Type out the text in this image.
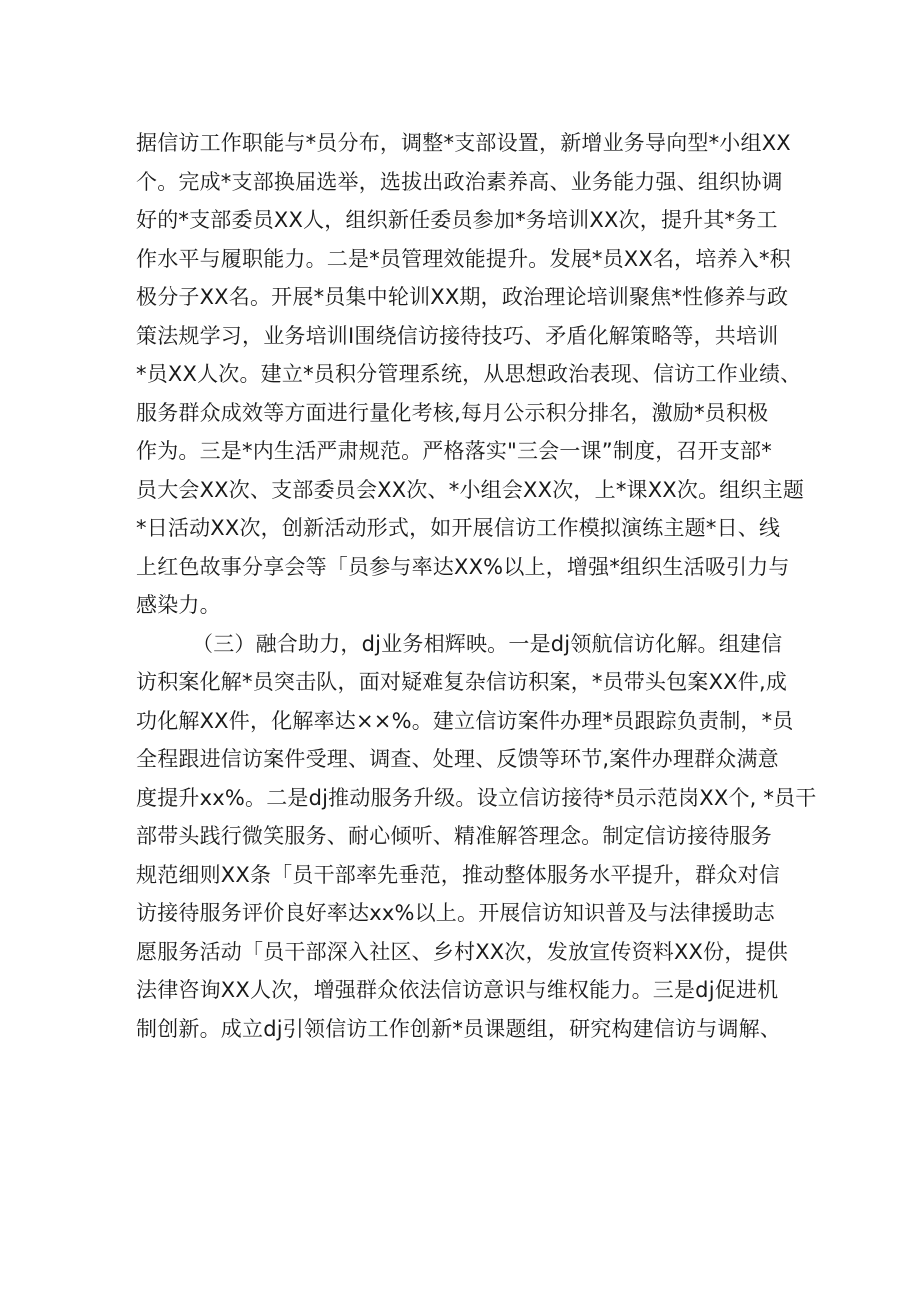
据信访工作职能与*员分布，调整*支部设置，新增业务导向型*小组XX
个。完成*支部换届选举，选拔出政治素养高、业务能力强、组织协调
好的*支部委员XX人，组织新任委员参加*务培训XX次，提升其*务工
作水平与履职能力。二是*员管理效能提升。发展*员XX名，培养入*积
极分子XX名。开展*员集中轮训XX期，政治理论培训聚焦*性修养与政
策法规学习，业务培训I围绕信访接待技巧、矛盾化解策略等，共培训
*员XX人次。建立*员积分管理系统，从思想政治表现、信访工作业绩、
服务群众成效等方面进行量化考核,每月公示积分排名，激励*员积极
作为。三是*内生活严肃规范。严格落实"三会一课”制度，召开支部*
员大会XX次、支部委员会XX次、*小组会XX次，上*课XX次。组织主题
*日活动XX次，创新活动形式，如开展信访工作模拟演练主题*日、线
上红色故事分享会等「员参与率达XX%以上，增强*组织生活吸引力与
感染力。
（三）融合助力，dj业务相辉映。一是dj领航信访化解。组建信
访积案化解*员突击队，面对疑难复杂信访积案，*员带头包案XX件,成
功化解XX件，化解率达××%。建立信访案件办理*员跟踪负责制，*员
全程跟进信访案件受理、调查、处理、反馈等环节,案件办理群众满意
度提升xx%。二是dj推动服务升级。设立信访接待*员示范岗XX个, *员干
部带头践行微笑服务、耐心倾听、精准解答理念。制定信访接待服务
规范细则XX条「员干部率先垂范，推动整体服务水平提升，群众对信
访接待服务评价良好率达xx%以上。开展信访知识普及与法律援助志
愿服务活动「员干部深入社区、乡村XX次，发放宣传资料XX份，提供
法律咨询XX人次，增强群众依法信访意识与维权能力。三是dj促进机
制创新。成立dj引领信访工作创新*员课题组，研究构建信访与调解、
